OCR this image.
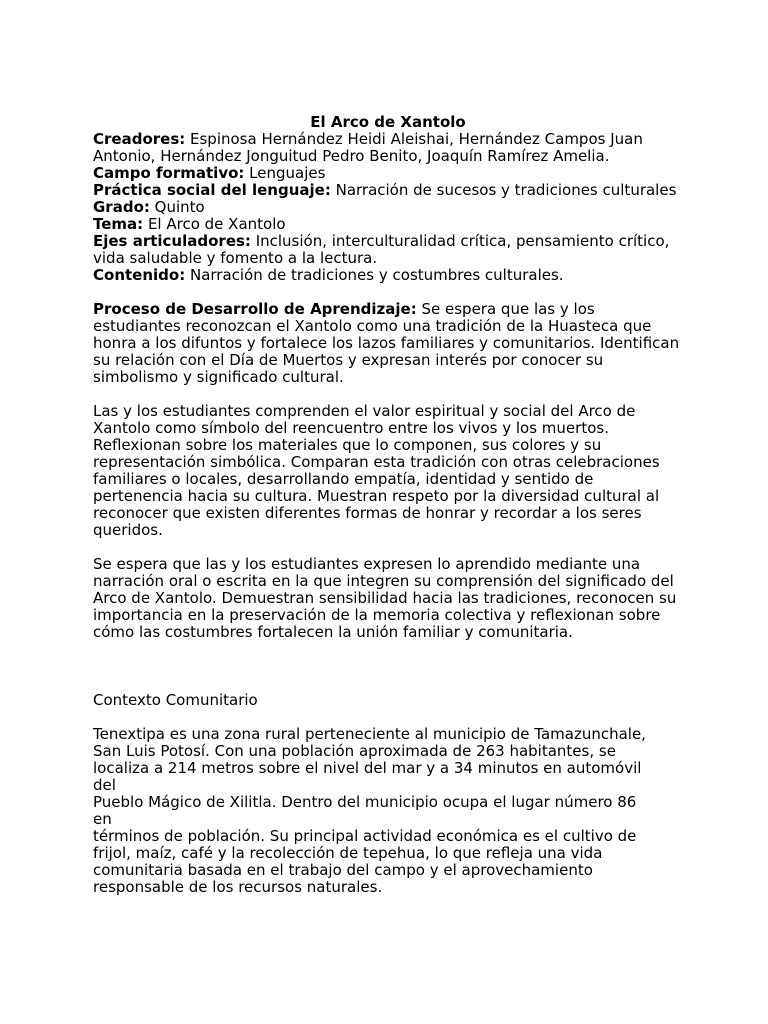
El Arco de Xantolo

Creadores: Espinosa Hernández Heidi Aleishai, Hernández Campos Juan Antonio, Hernández Jonguitud Pedro Benito, Joaquín Ramírez Amelia.

Campo formativo: Lenguajes

Práctica social del lenguaje: Narración de sucesos y tradiciones culturales

Grado: Quinto

Tema: El Arco de Xantolo

Ejes articuladores: Inclusión, interculturalidad crítica, pensamiento crítico, vida saludable y fomento a la lectura.

Contenido: Narración de tradiciones y costumbres culturales.

Proceso de Desarrollo de Aprendizaje: Se espera que las y los estudiantes reconozcan el Xantolo como una tradición de la Huasteca que honra a los difuntos y fortalece los lazos familiares y comunitarios. Identifican su relación con el Día de Muertos y expresan interés por conocer su simbolismo y significado cultural.

Las y los estudiantes comprenden el valor espiritual y social del Arco de Xantolo como símbolo del reencuentro entre los vivos y los muertos. Reflexionan sobre los materiales que lo componen, sus colores y su representación simbólica. Comparan esta tradición con otras celebraciones familiares o locales, desarrollando empatía, identidad y sentido de pertenencia hacia su cultura. Muestran respeto por la diversidad cultural al reconocer que existen diferentes formas de honrar y recordar a los seres queridos.

Se espera que las y los estudiantes expresen lo aprendido mediante una narración oral o escrita en la que integren su comprensión del significado del Arco de Xantolo. Demuestran sensibilidad hacia las tradiciones, reconocen su importancia en la preservación de la memoria colectiva y reflexionan sobre cómo las costumbres fortalecen la unión familiar y comunitaria.

Contexto Comunitario

Tenextipa es una zona rural perteneciente al municipio de Tamazunchale,
San Luis Potosí. Con una población aproximada de 263 habitantes, se
localiza a 214 metros sobre el nivel del mar y a 34 minutos en automóvil
del
Pueblo Mágico de Xilitla. Dentro del municipio ocupa el lugar número 86
en
términos de población. Su principal actividad económica es el cultivo de
frijol, maíz, café y la recolección de tepehua, lo que refleja una vida
comunitaria basada en el trabajo del campo y el aprovechamiento
responsable de los recursos naturales.
